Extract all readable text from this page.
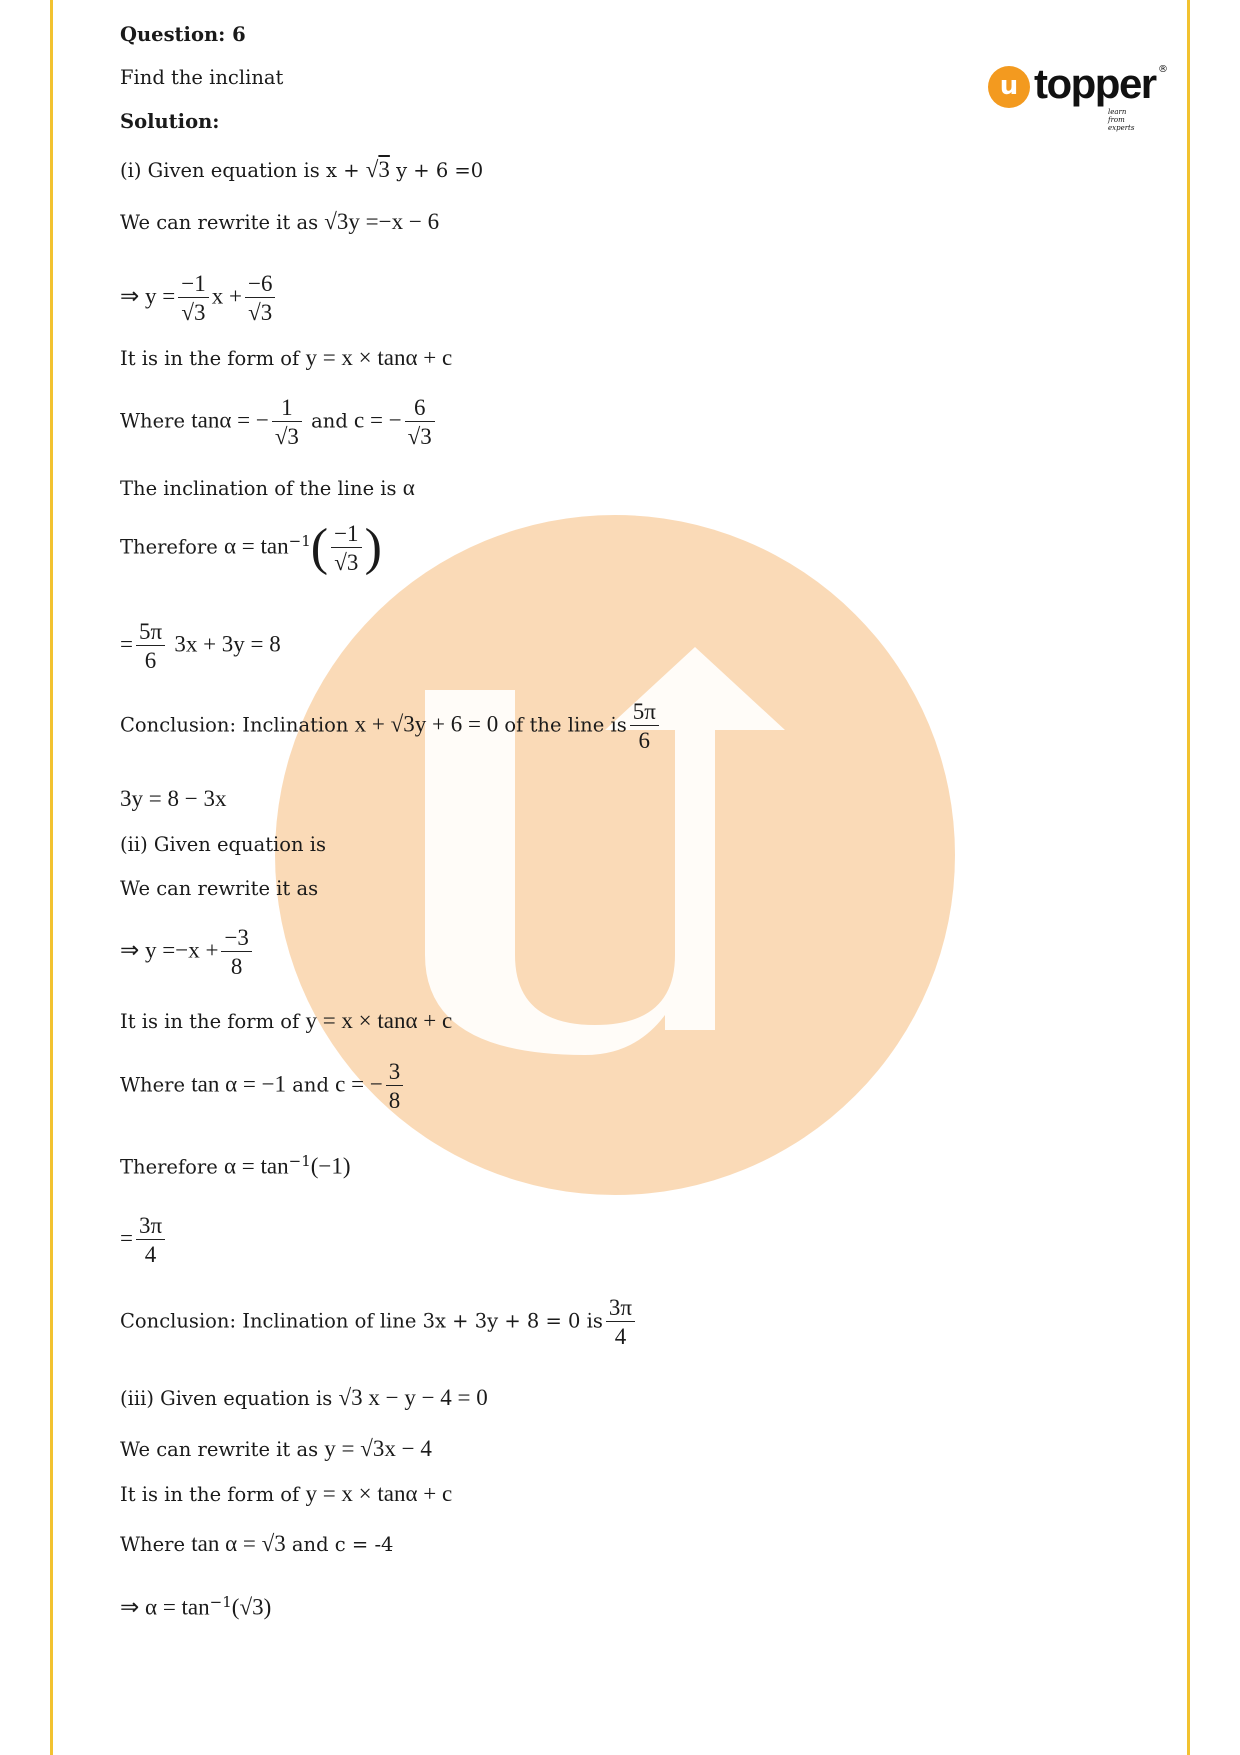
u topper ®
learn from experts
Question: 6
Find the inclinat
Solution:
(i) Given equation is x + √3 y + 6 =0
We can rewrite it as √3y =−x − 6
⇒ $y = \frac{-1}{√3}$ $x + \frac{-6}{√3}$
It is in the form of y = x × tanα + c
Where tanα = − $\frac{1}{√3}$ and c = − $\frac{6}{√3}$
The inclination of the line is α
Therefore $\alpha = \tan^{-1}( \frac{-1}{√3}$ )
= $\frac{5\pi}{6} 3x + 3y = 8$
Conclusion: Inclination x + √3y + 6 = 0 of the line is $\frac{5\pi}{6}$
3y = 8 − 3x
(ii) Given equation is
We can rewrite it as
⇒ $y =-x + \frac{-3}{8}$
It is in the form of y = x × tanα + c
Where tan α = −1 and c = − $\frac{3}{8}$
Therefore $\alpha = \tan^{-1}(-1)$
= $\frac{3\pi}{4}$
Conclusion: Inclination of line 3x + 3y + 8 = 0 is $\frac{3\pi}{4}$
(iii) Given equation is √3 x − y − 4 = 0
We can rewrite it as y = √3x − 4
It is in the form of y = x × tanα + c
Where tan α = √3 and c = -4
⇒ $\alpha = \tan^{-1}(√3)$
